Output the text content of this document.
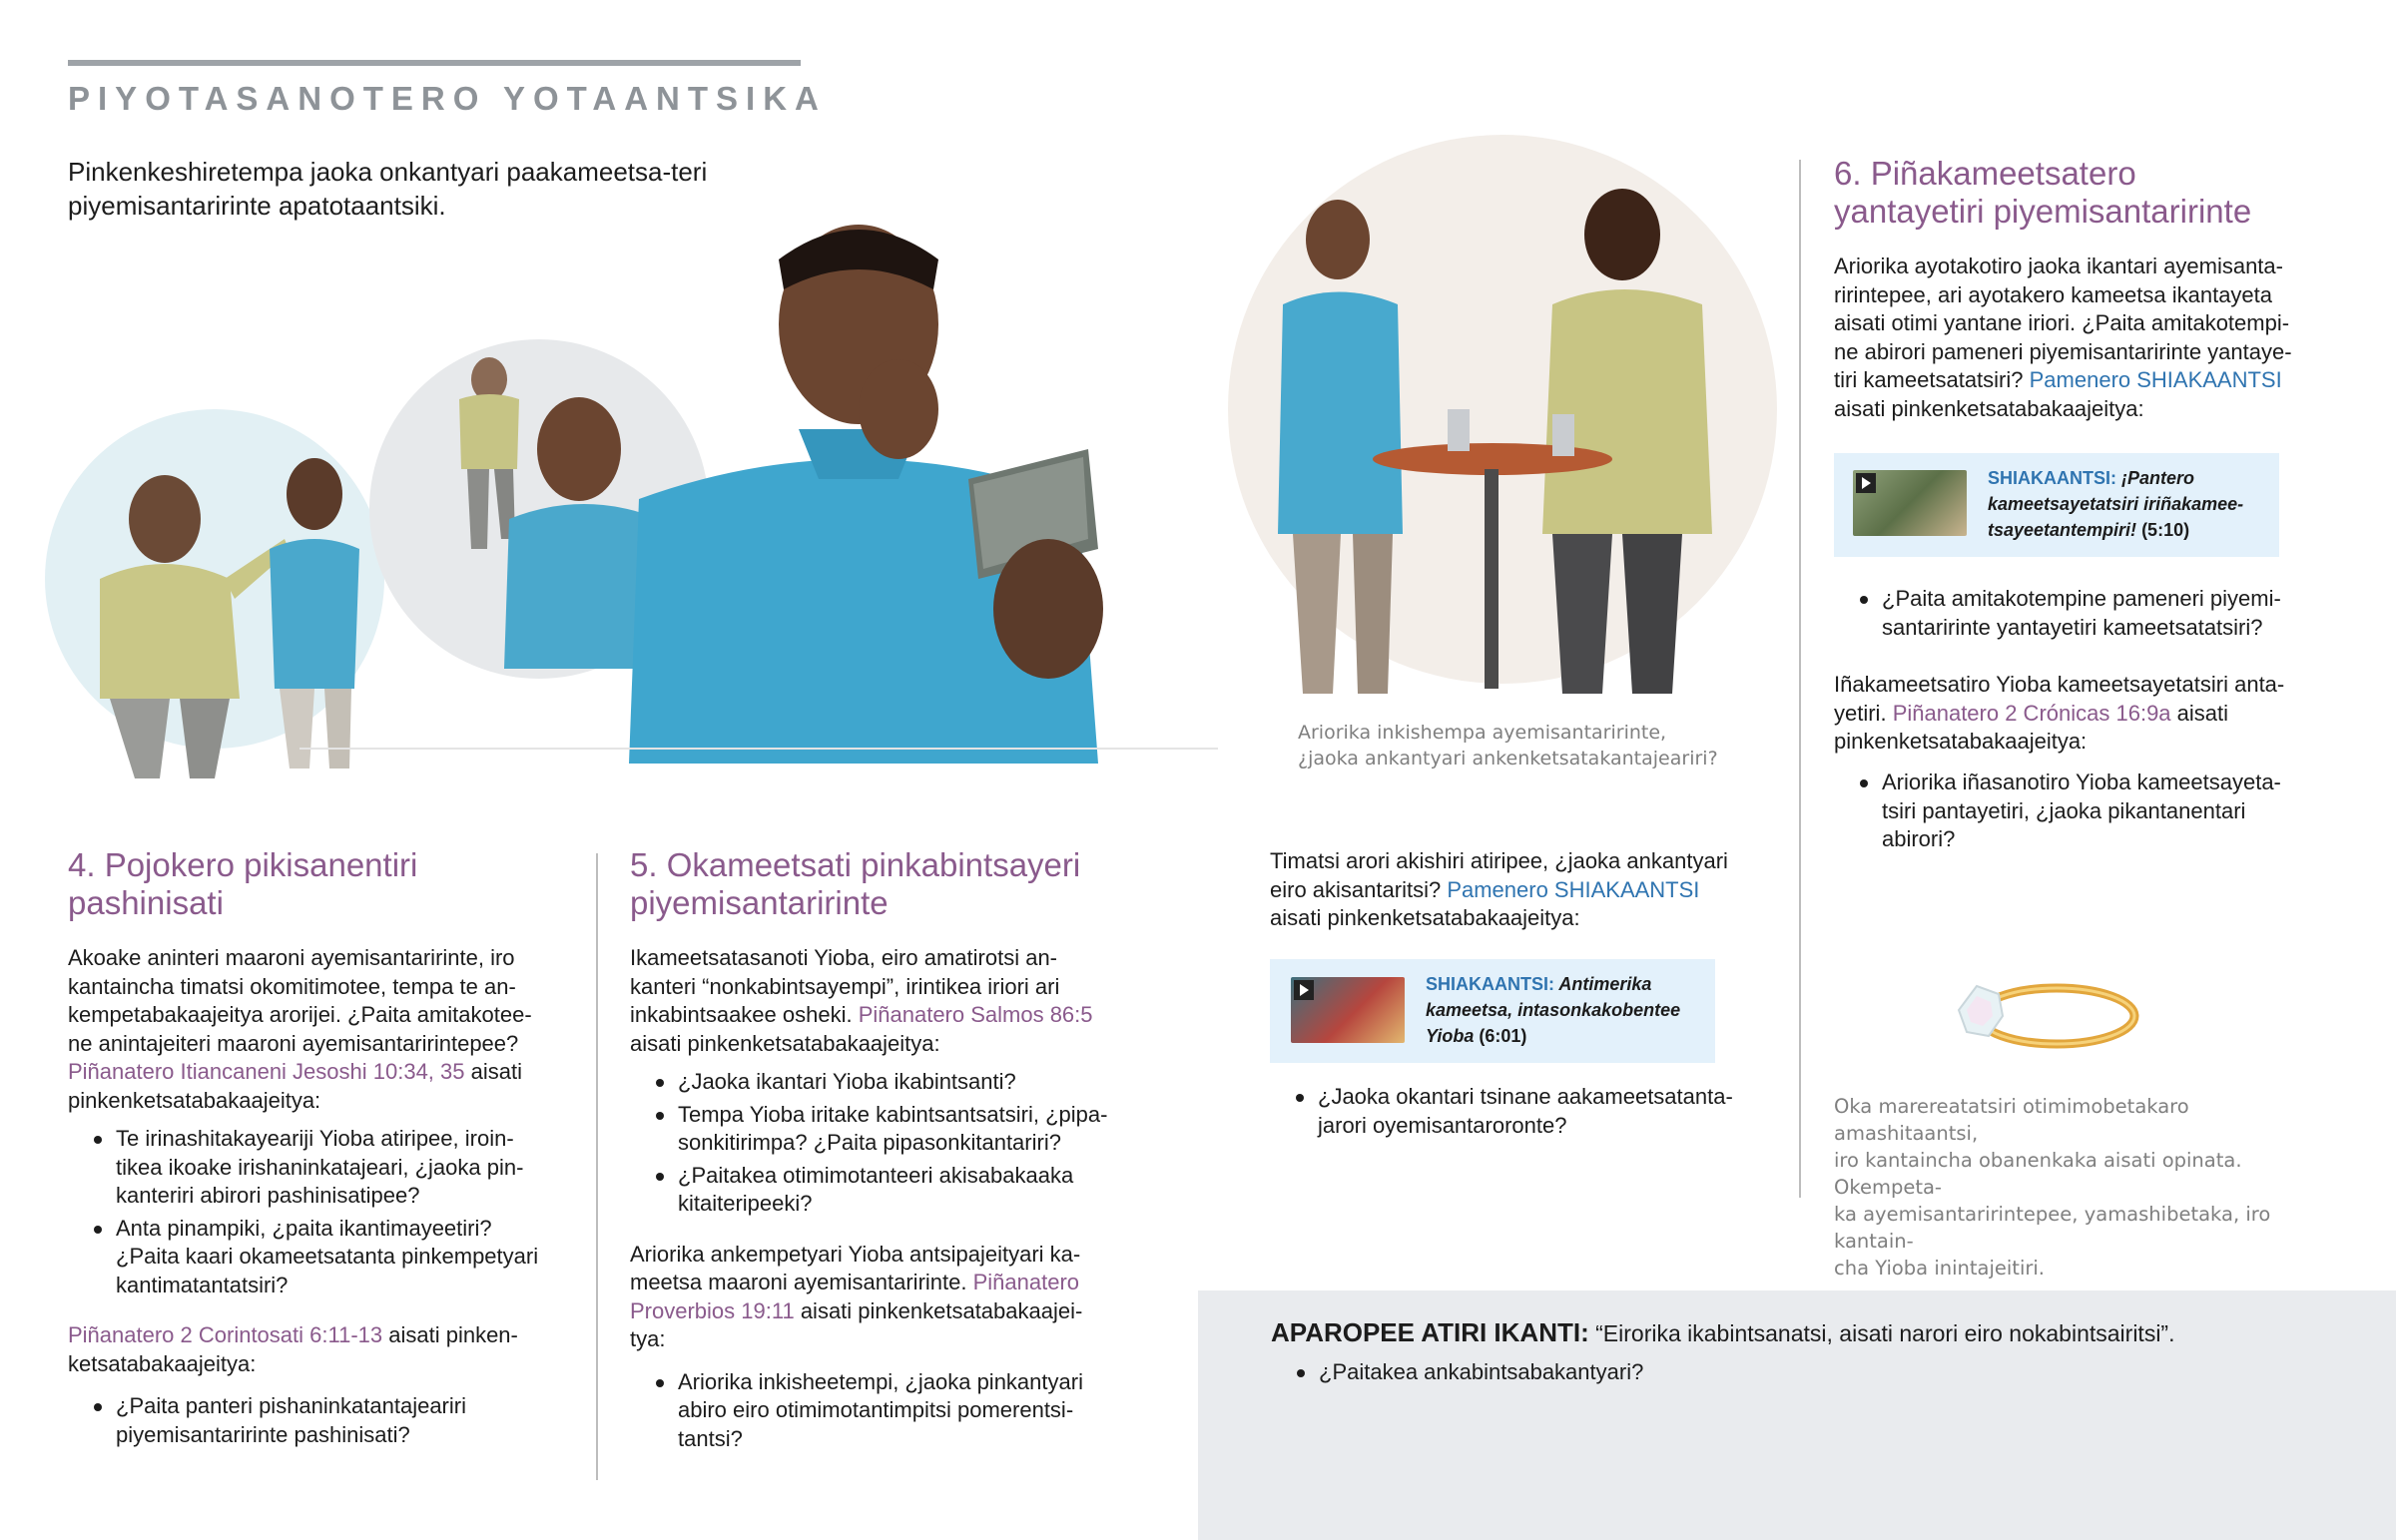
PIYOTASANOTERO YOTAANTSIKA
Pinkenkeshiretempa jaoka onkantyari paakameetsa-teri piyemisantaririnte apatotaantsiki.
Ariorika inkishempa ayemisantaririnte,
¿jaoka ankantyari ankenketsatakantajeariri?
4. Pojokero pikisanentiri
pashinisati
Akoake aninteri maaroni ayemisantaririnte, iro
kantaincha timatsi okomitimotee, tempa te an-
kempetabakaajeitya arorijei. ¿Paita amitakotee-
ne anintajeiteri maaroni ayemisantaririntepee?
Piñanatero Itiancaneni Jesoshi 10:34, 35 aisati
pinkenketsatabakaajeitya:
Te irinashitakayeariji Yioba atiripee, iroin-
tikea ikoake irishaninkatajeari, ¿jaoka pin-
kanteriri abirori pashinisatipee?
Anta pinampiki, ¿paita ikantimayeetiri?
¿Paita kaari okameetsatanta pinkempetyari
kantimatantatsiri?
Piñanatero 2 Corintosati 6:11-13 aisati pinken-
ketsatabakaajeitya:
¿Paita panteri pishaninkatantajeariri
piyemisantaririnte pashinisati?
5. Okameetsati pinkabintsayeri
piyemisantaririnte
Ikameetsatasanoti Yioba, eiro amatirotsi an-
kanteri “nonkabintsayempi”, irintikea iriori ari
inkabintsaakee osheki. Piñanatero Salmos 86:5
aisati pinkenketsatabakaajeitya:
¿Jaoka ikantari Yioba ikabintsanti?
Tempa Yioba iritake kabintsantsatsiri, ¿pipa-
sonkitirimpa? ¿Paita pipasonkitantariri?
¿Paitakea otimimotanteeri akisabakaaka
kitaiteripeeki?
Ariorika ankempetyari Yioba antsipajeityari ka-
meetsa maaroni ayemisantaririnte. Piñanatero
Proverbios 19:11 aisati pinkenketsatabakaajei-
tya:
Ariorika inkisheetempi, ¿jaoka pinkantyari
abiro eiro otimimotantimpitsi pomerentsi-
tantsi?
Timatsi arori akishiri atiripee, ¿jaoka ankantyari
eiro akisantaritsi? Pamenero SHIAKAANTSI
aisati pinkenketsatabakaajeitya:
SHIAKAANTSI: Antimerika
kameetsa, intasonkakobentee
Yioba (6:01)
¿Jaoka okantari tsinane aakameetsatanta-
jarori oyemisantaroronte?
6. Piñakameetsatero
yantayetiri piyemisantaririnte
Ariorika ayotakotiro jaoka ikantari ayemisanta-
ririntepee, ari ayotakero kameetsa ikantayeta
aisati otimi yantane iriori. ¿Paita amitakotempi-
ne abirori pameneri piyemisantaririnte yantaye-
tiri kameetsatatsiri? Pamenero SHIAKAANTSI
aisati pinkenketsatabakaajeitya:
SHIAKAANTSI: ¡Pantero
kameetsayetatsiri iriñakamee-
tsayeetantempiri! (5:10)
¿Paita amitakotempine pameneri piyemi-
santaririnte yantayetiri kameetsatatsiri?
Iñakameetsatiro Yioba kameetsayetatsiri anta-
yetiri. Piñanatero 2 Crónicas 16:9a aisati
pinkenketsatabakaajeitya:
Ariorika iñasanotiro Yioba kameetsayeta-
tsiri pantayetiri, ¿jaoka pikantanentari
abirori?
Oka marereatatsiri otimimobetakaro amashitaantsi,
iro kantaincha obanenkaka aisati opinata. Okempeta-
ka ayemisantaririntepee, yamashibetaka, iro kantain-
cha Yioba inintajeitiri.
APAROPEE ATIRI IKANTI: “Eirorika ikabintsanatsi, aisati narori eiro nokabintsairitsi”.
¿Paitakea ankabintsabakantyari?
